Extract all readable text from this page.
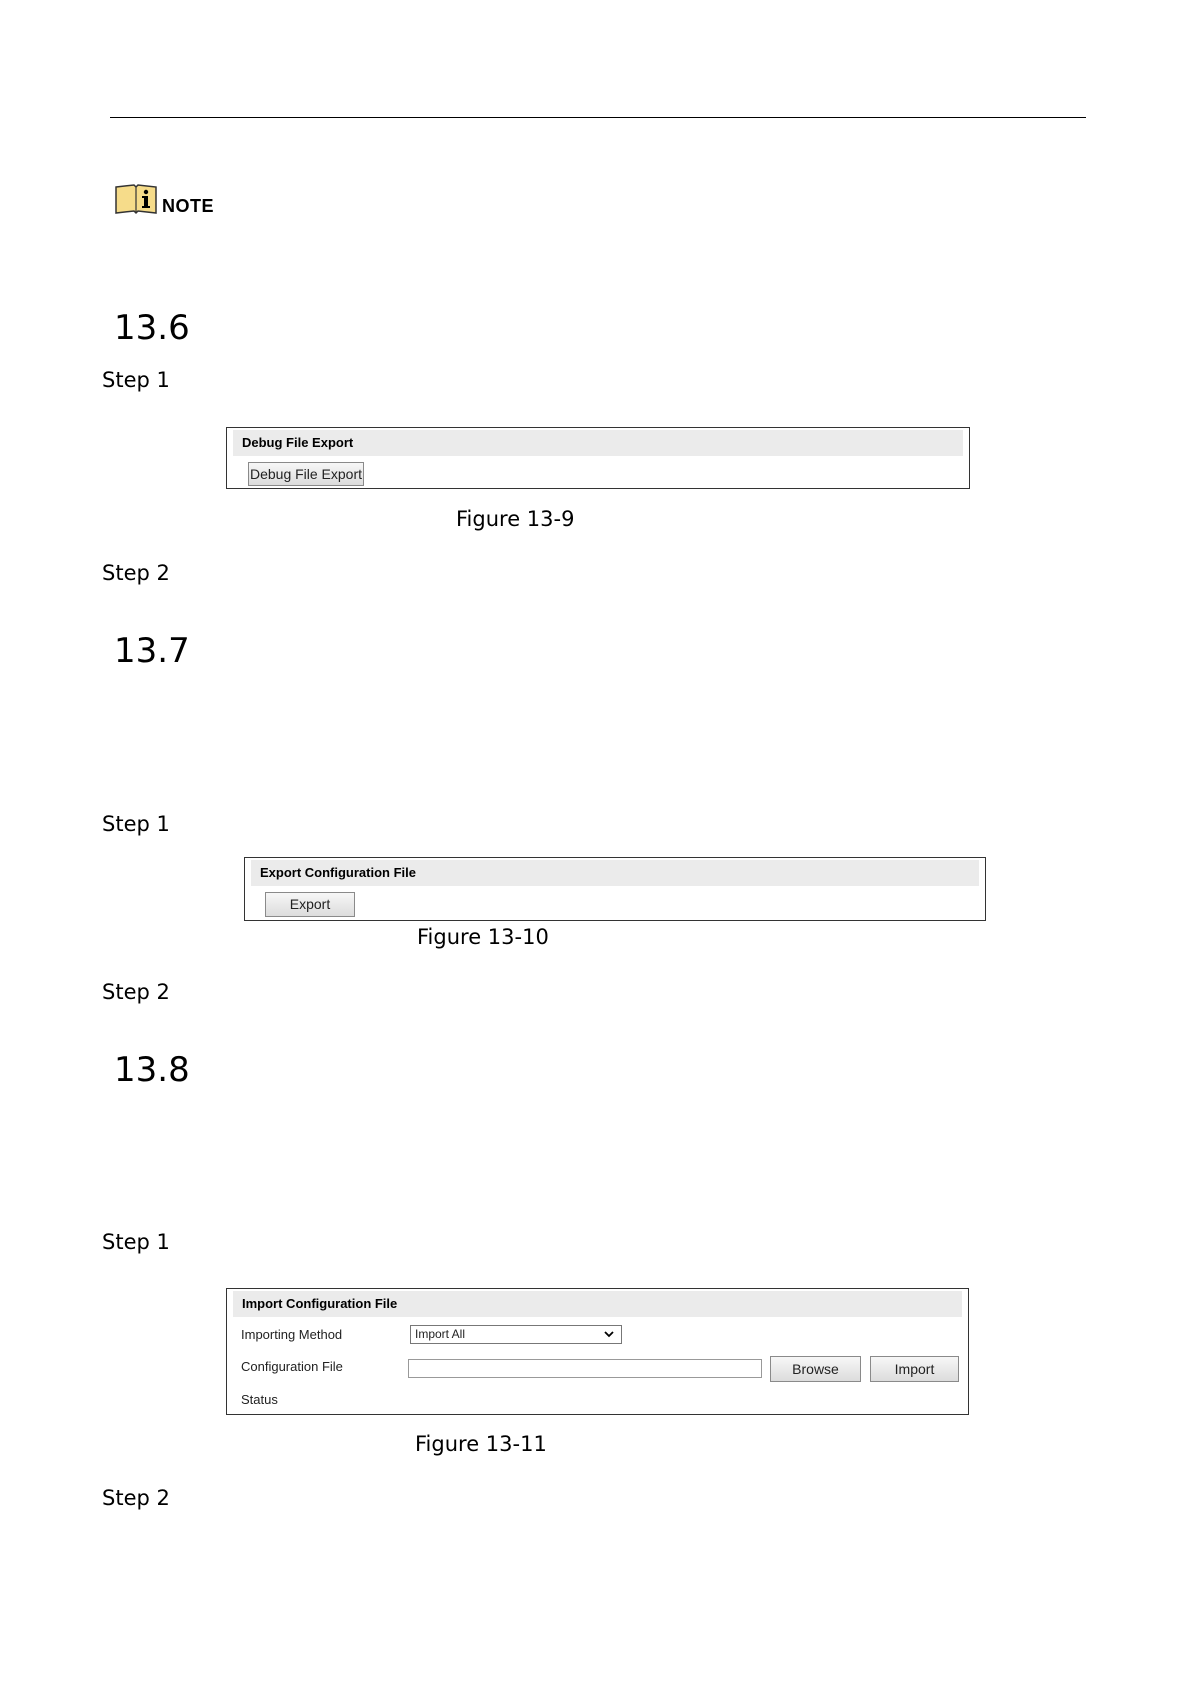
NOTE
13.6
Step 1
Debug File Export
Debug File Export
Figure 13-9
Step 2
13.7
Step 1
Export Configuration File
Export
Figure 13-10
Step 2
13.8
Step 1
Import Configuration File
Importing Method	Import All
Configuration File	Browse	Import
Status
Figure 13-11
Step 2
